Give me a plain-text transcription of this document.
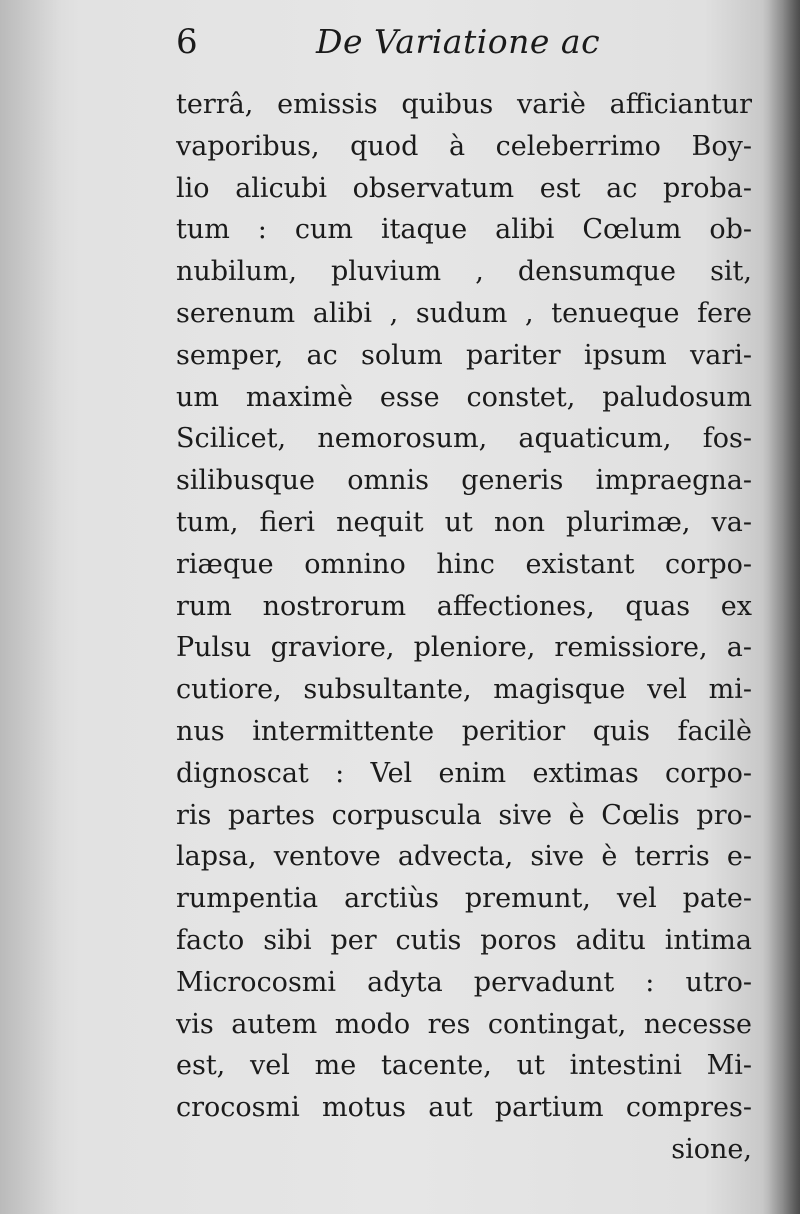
6	De Variatione ac
terrâ, emissis quibus variè afficiantur
vaporibus, quod à celeberrimo Boy-
lio alicubi observatum est ac proba-
tum : cum itaque alibi Cœlum ob-
nubilum, pluvium , densumque sit,
serenum alibi , sudum , tenueque fere
semper, ac solum pariter ipsum vari-
um maximè esse constet, paludosum
Scilicet, nemorosum, aquaticum, fos-
silibusque omnis generis impraegna-
tum, fieri nequit ut non plurimæ, va-
riæque omnino hinc existant corpo-
rum nostrorum affectiones, quas ex
Pulsu graviore, pleniore, remissiore, a-
cutiore, subsultante, magisque vel mi-
nus intermittente peritior quis facilè
dignoscat : Vel enim extimas corpo-
ris partes corpuscula sive è Cœlis pro-
lapsa, ventove advecta, sive è terris e-
rumpentia arctiùs premunt, vel pate-
facto sibi per cutis poros aditu intima
Microcosmi adyta pervadunt : utro-
vis autem modo res contingat, necesse
est, vel me tacente, ut intestini Mi-
crocosmi motus aut partium compres-
sione,
